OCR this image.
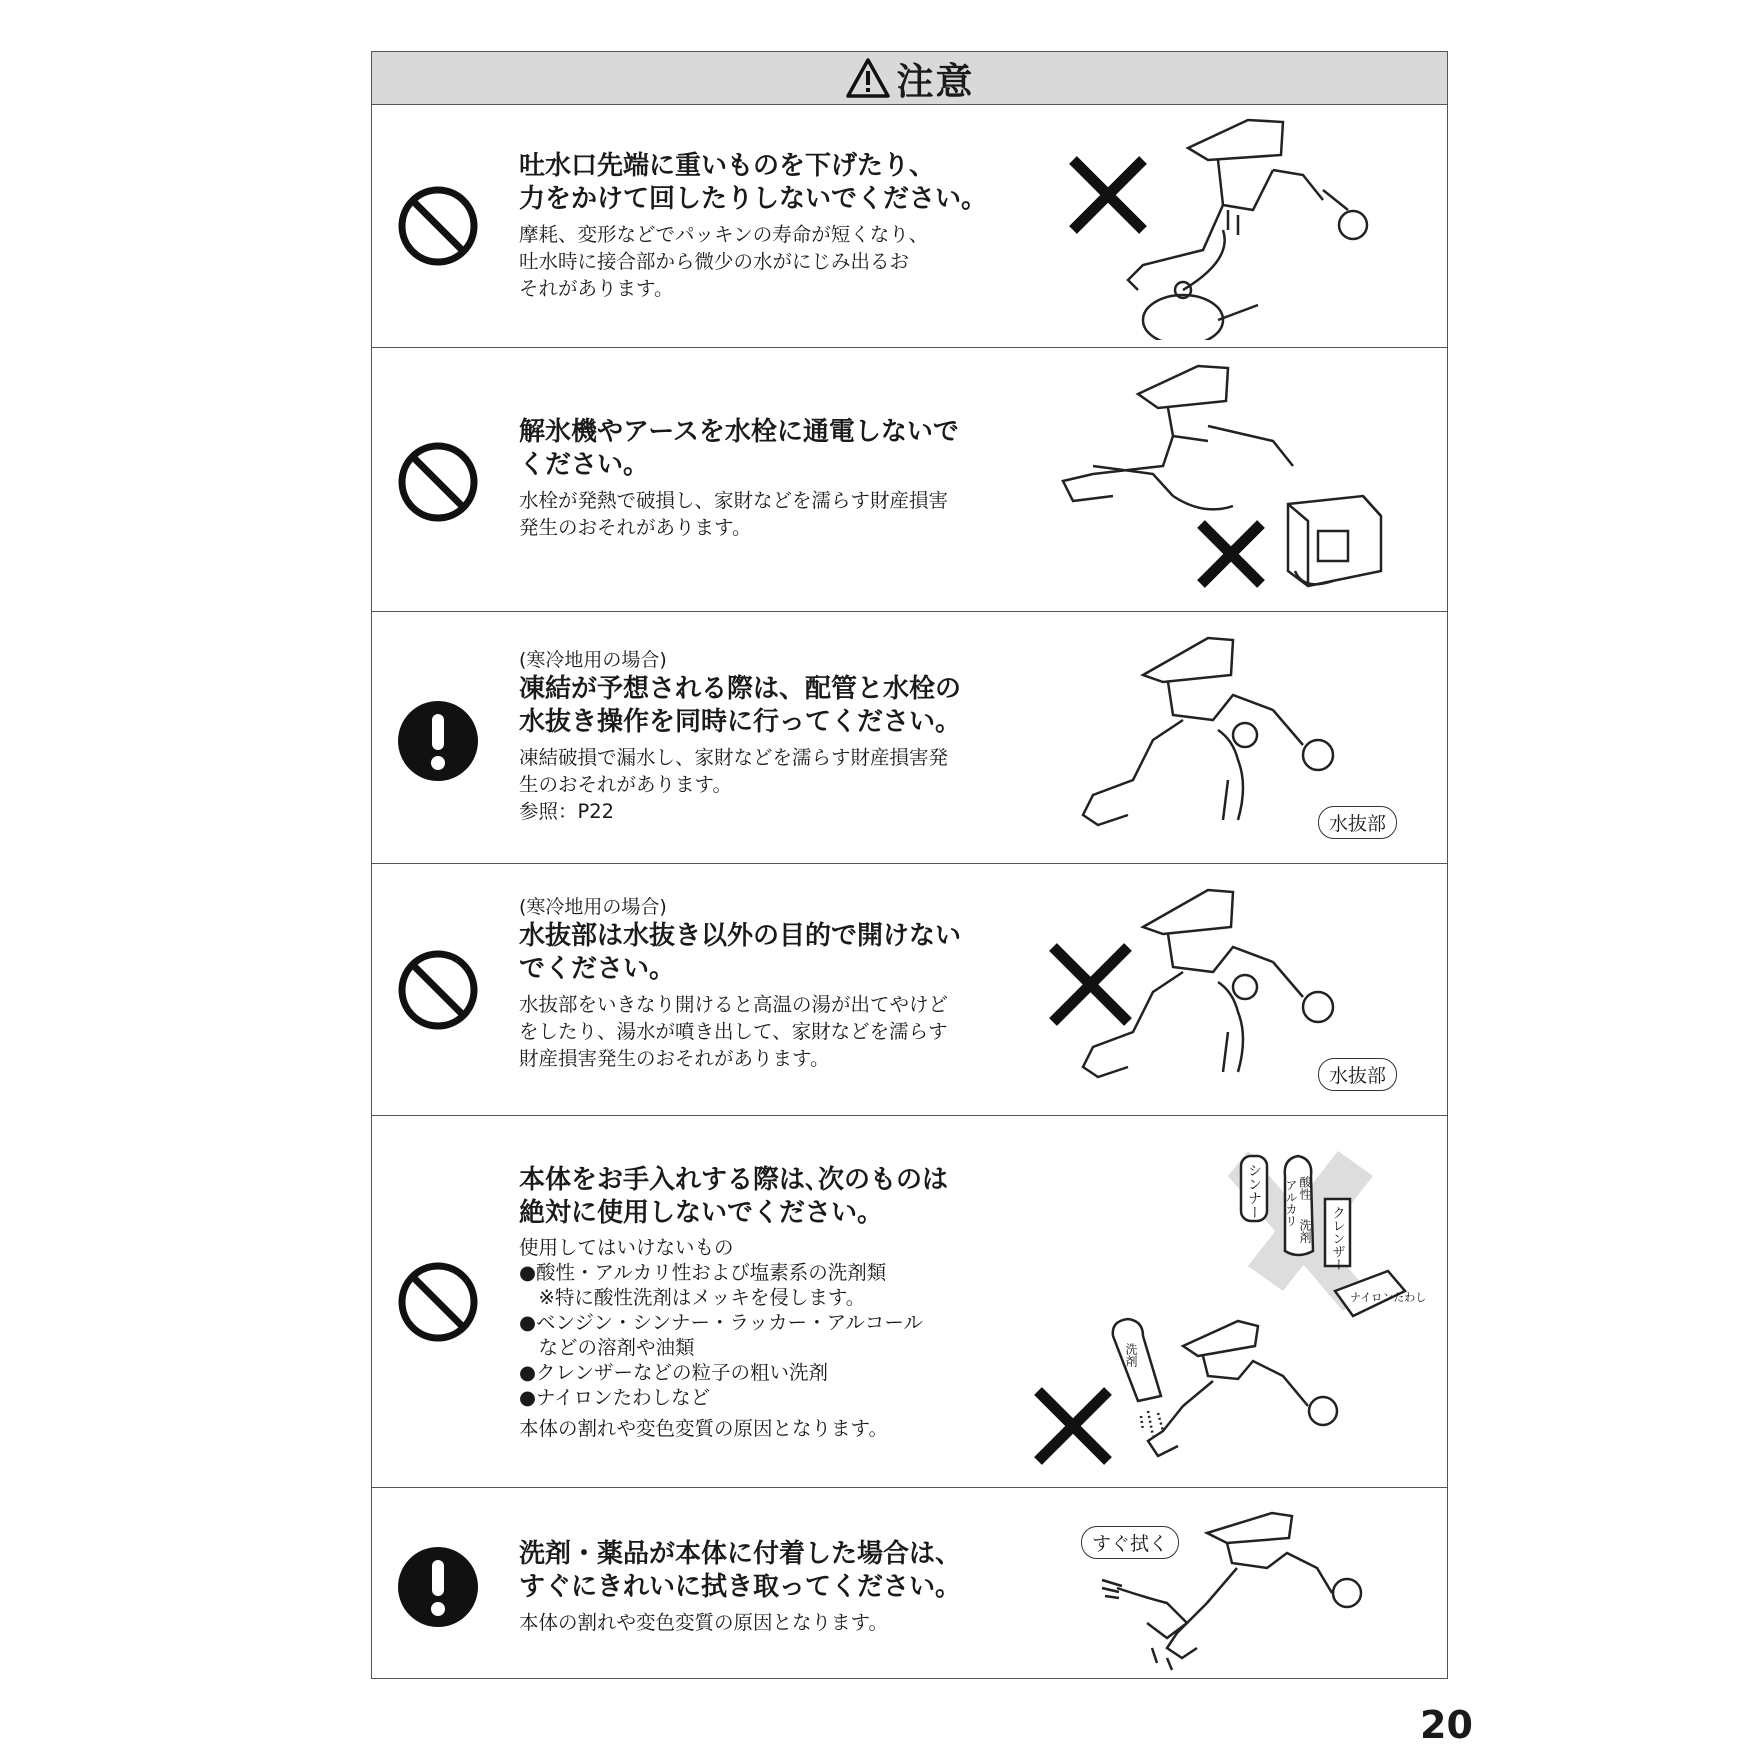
注意
吐水口先端に重いものを下げたり、
力をかけて回したりしないでください。
摩耗、変形などでパッキンの寿命が短くなり、
吐水時に接合部から微少の水がにじみ出るお
それがあります。
解氷機やアースを水栓に通電しないで
ください。
水栓が発熱で破損し、家財などを濡らす財産損害
発生のおそれがあります。
(寒冷地用の場合)
凍結が予想される際は、配管と水栓の
水抜き操作を同時に行ってください。
凍結破損で漏水し、家財などを濡らす財産損害発
生のおそれがあります。
参照：P22
水抜部
(寒冷地用の場合)
水抜部は水抜き以外の目的で開けない
でください。
水抜部をいきなり開けると高温の湯が出てやけど
をしたり、湯水が噴き出して、家財などを濡らす
財産損害発生のおそれがあります。
水抜部
本体をお手入れする際は､次のものは
絶対に使用しないでください。
使用してはいけないもの
●酸性・アルカリ性および塩素系の洗剤類
　※特に酸性洗剤はメッキを侵します。
●ベンジン・シンナー・ラッカー・アルコール
　などの溶剤や油類
●クレンザーなどの粒子の粗い洗剤
●ナイロンたわしなど
本体の割れや変色変質の原因となります。
シンナー	酸性
アルカリ
洗剤 クレンザー
ナイロンたわし
洗剤
洗剤・薬品が本体に付着した場合は、
すぐにきれいに拭き取ってください。
本体の割れや変色変質の原因となります。
すぐ拭く
20
